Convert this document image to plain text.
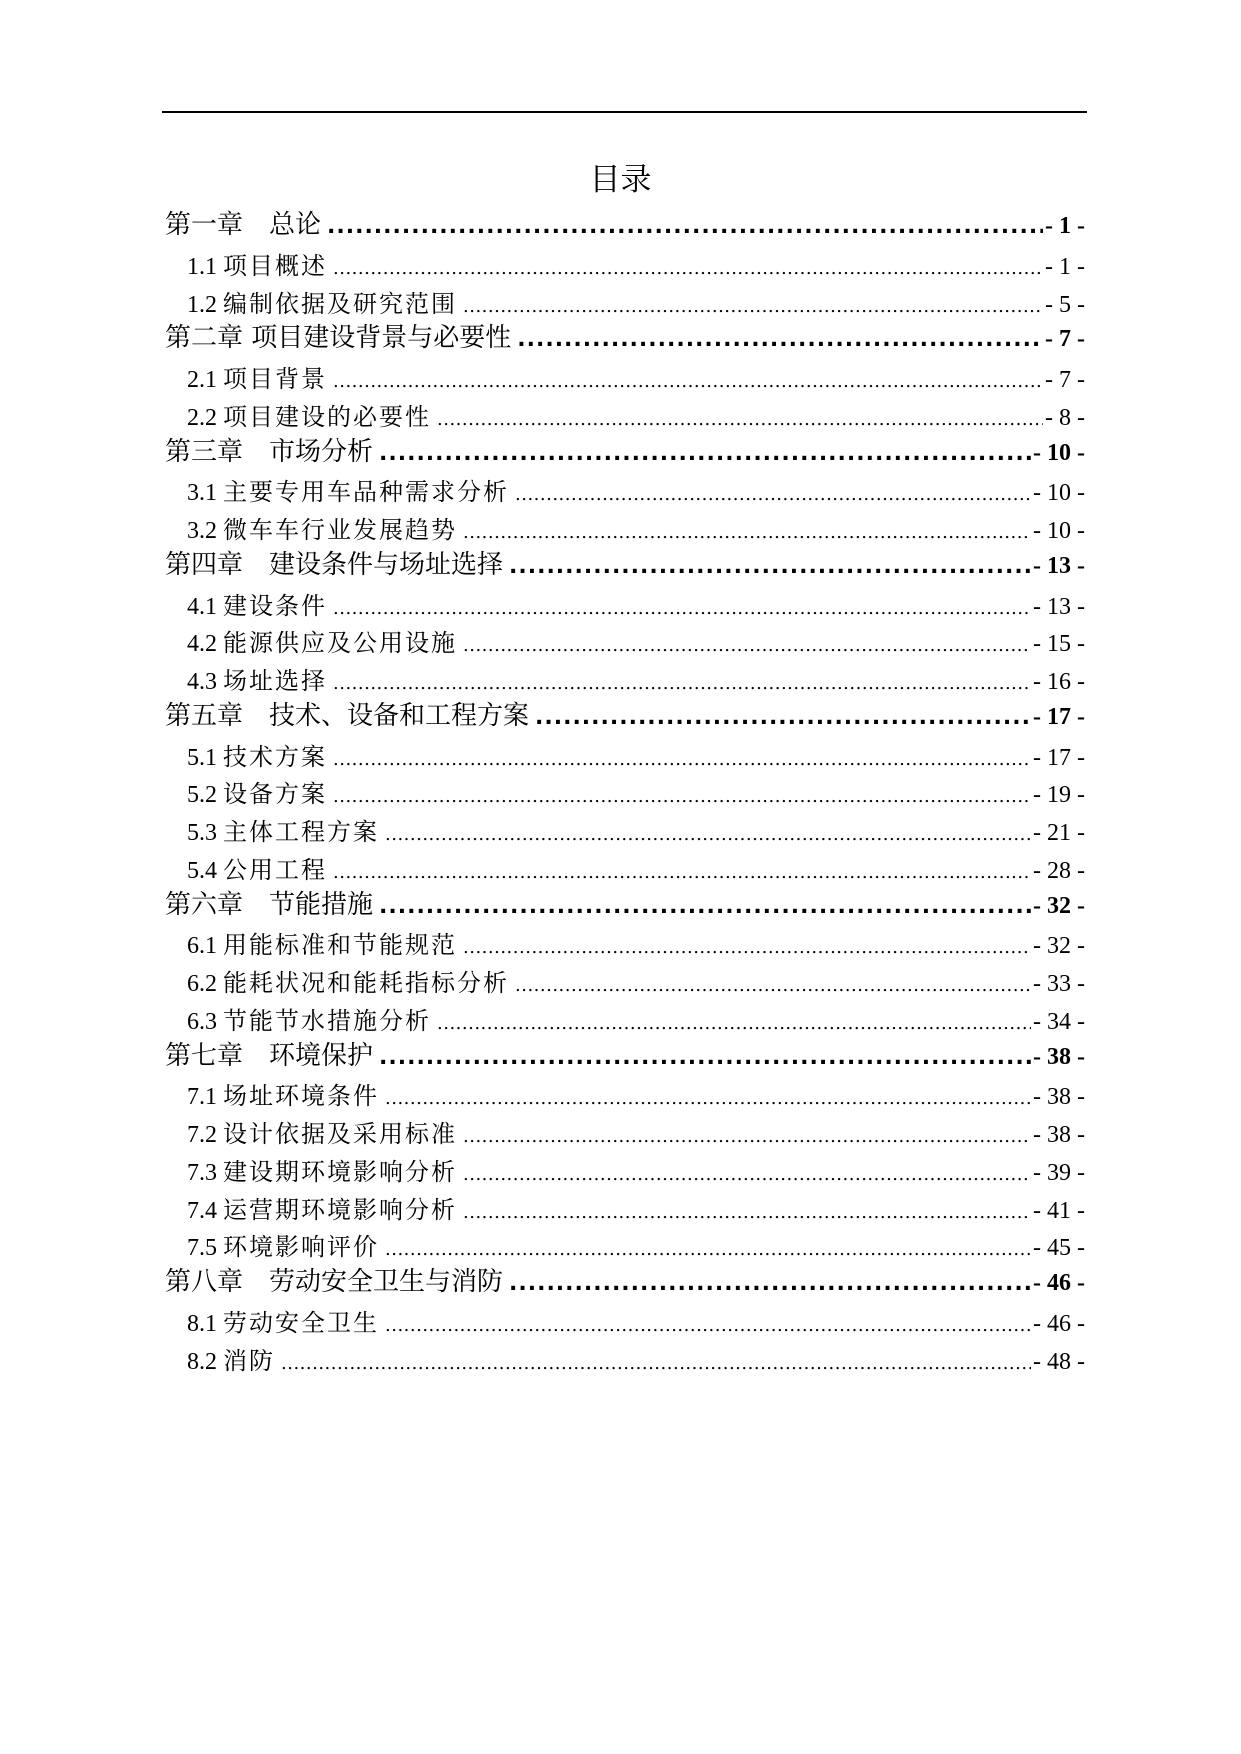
目录
第一章　总论 .....	- 1 -
1.1 项目概述 .....	- 1 -
1.2 编制依据及研究范围 .....	- 5 -
第二章 项目建设背景与必要性 .....	- 7 -
2.1 项目背景 .....	- 7 -
2.2 项目建设的必要性 .....	- 8 -
第三章　市场分析 .....	- 10 -
3.1 主要专用车品种需求分析 .....	- 10 -
3.2 微车车行业发展趋势 .....	- 10 -
第四章　建设条件与场址选择 .....	- 13 -
4.1 建设条件 .....	- 13 -
4.2 能源供应及公用设施 .....	- 15 -
4.3 场址选择 .....	- 16 -
第五章　技术、设备和工程方案 .....	- 17 -
5.1 技术方案 .....	- 17 -
5.2 设备方案 .....	- 19 -
5.3 主体工程方案 .....	- 21 -
5.4 公用工程 .....	- 28 -
第六章　节能措施 .....	- 32 -
6.1 用能标准和节能规范 .....	- 32 -
6.2 能耗状况和能耗指标分析 .....	- 33 -
6.3 节能节水措施分析 .....	- 34 -
第七章　环境保护 .....	- 38 -
7.1 场址环境条件 .....	- 38 -
7.2 设计依据及采用标准 .....	- 38 -
7.3 建设期环境影响分析 .....	- 39 -
7.4 运营期环境影响分析 .....	- 41 -
7.5 环境影响评价 .....	- 45 -
第八章　劳动安全卫生与消防 .....	- 46 -
8.1 劳动安全卫生 .....	- 46 -
8.2 消防 .....	- 48 -
